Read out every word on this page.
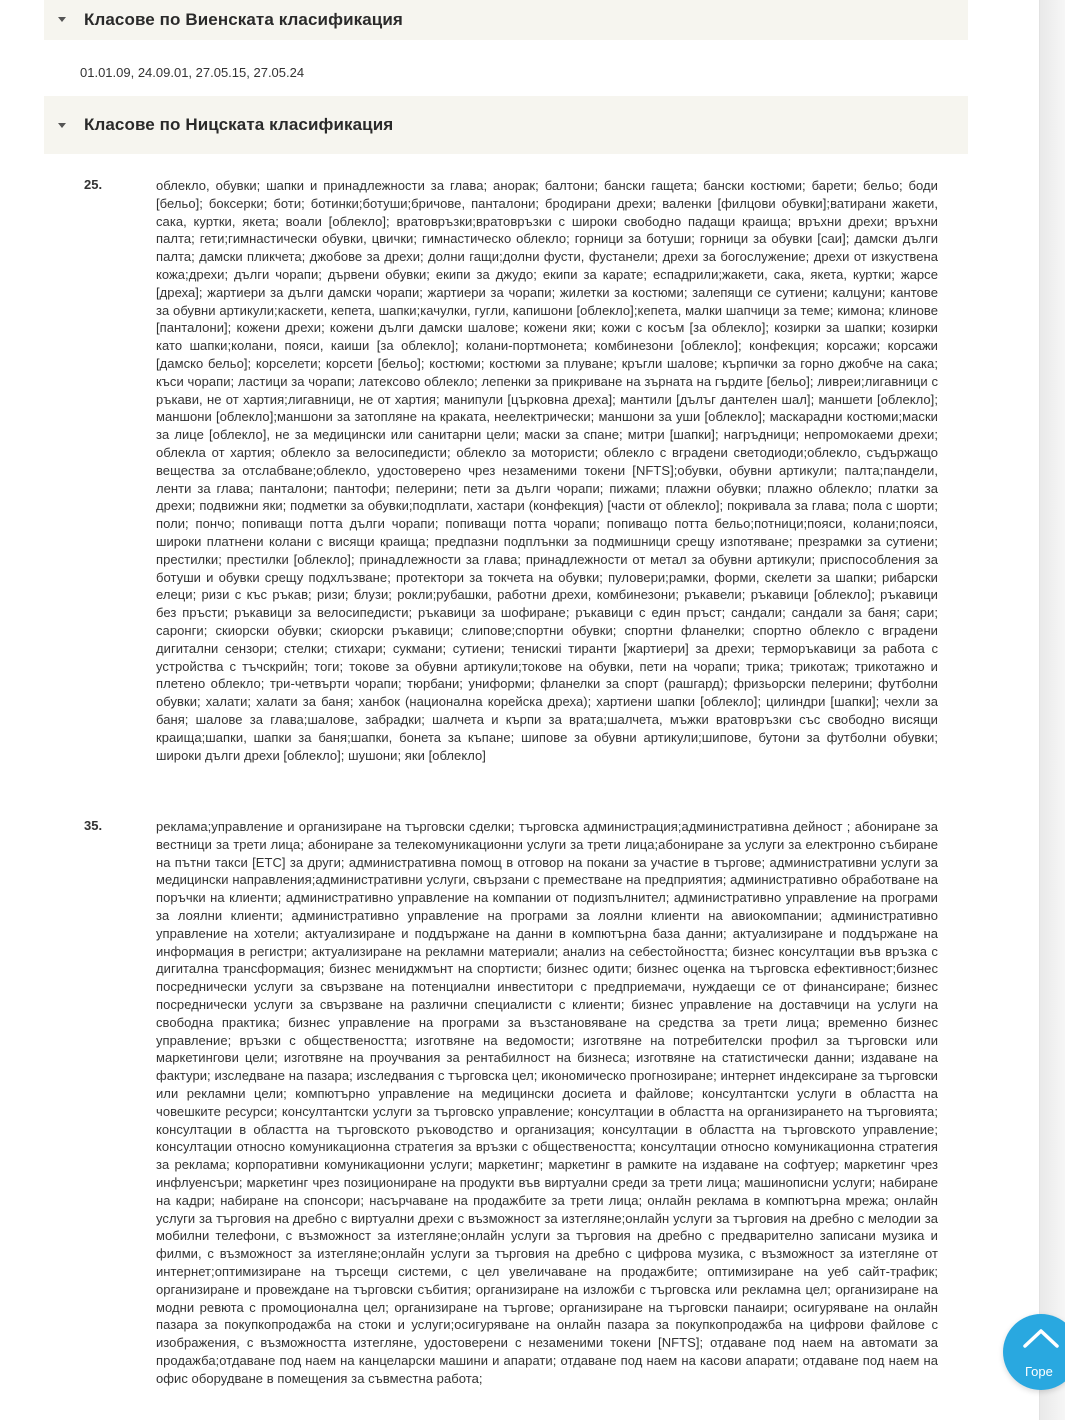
Класове по Виенската класификация
01.01.09, 24.09.01, 27.05.15, 27.05.24
Класове по Ницската класификация
25.	облекло, обувки; шапки и принадлежности за глава; анорак; балтони; бански гащета; бански костюми; барети; бельо; боди [бельо]; боксерки; боти; ботинки;ботуши;бричове, панталони; бродирани дрехи; валенки [филцови обувки];ватирани жакети, сака, куртки, якета; воали [облекло]; вратовръзки;вратовръзки с широки свободно падащи краища; връхни дрехи; връхни палта; гети;гимнастически обувки, цвички; гимнастическо облекло; горници за ботуши; горници за обувки [саи]; дамски дълги палта; дамски пликчета; джобове за дрехи; долни гащи;долни фусти, фустанели; дрехи за богослужение; дрехи от изкуствена кожа;дрехи; дълги чорапи; дървени обувки; екипи за джудо; екипи за карате; еспадрили;жакети, сака, якета, куртки; жарсе [дреха]; жартиери за дълги дамски чорапи; жартиери за чорапи; жилетки за костюми; залепящи се сутиени; калцуни; кантове за обувни артикули;каскети, кепета, шапки;качулки, гугли, капишони [облекло];кепета, малки шапчици за теме; кимона; клинове [панталони]; кожени дрехи; кожени дълги дамски шалове; кожени яки; кожи с косъм [за облекло]; козирки за шапки; козирки като шапки;колани, пояси, каиши [за облекло]; колани-портмонета; комбинезони [облекло]; конфекция; корсажи; корсажи [дамско бельо]; корселети; корсети [бельо]; костюми; костюми за плуване; кръгли шалове; кърпички за горно джобче на сака; къси чорапи; ластици за чорапи; латексово облекло; лепенки за прикриване на зърната на гърдите [бельо]; ливреи;лигавници с ръкави, не от хартия;лигавници, не от хартия; манипули [църковна дреха]; мантили [дълъг дантелен шал]; маншети [облекло]; маншони [облекло];маншони за затопляне на краката, неелектрически; маншони за уши [облекло]; маскарадни костюми;маски за лице [облекло], не за медицински или санитарни цели; маски за спане; митри [шапки]; нагръдници; непромокаеми дрехи; облекла от хартия; облекло за велосипедисти; облекло за мотористи; облекло с вградени светодиоди;облекло, съдържащо вещества за отслабване;облекло, удостоверено чрез незаменими токени [NFTS];обувки, обувни артикули; палта;пандели, ленти за глава; панталони; пантофи; пелерини; пети за дълги чорапи; пижами; плажни обувки; плажно облекло; платки за дрехи; подвижни яки; подметки за обувки;подплати, хастари (конфекция) [части от облекло]; покривала за глава; пола с шорти; поли; пончо; попиващи потта дълги чорапи; попиващи потта чорапи; попиващо потта бельо;потници;пояси, колани;пояси, широки платнени колани с висящи краища; предпазни подплънки за подмишници срещу изпотяване; презрамки за сутиени; престилки; престилки [облекло]; принадлежности за глава; принадлежности от метал за обувни артикули; приспособления за ботуши и обувки срещу подхлъзване; протектори за токчета на обувки; пуловери;рамки, форми, скелети за шапки; рибарски елеци; ризи с къс ръкав; ризи; блузи; рокли;рубашки, работни дрехи, комбинезони; ръкавели; ръкавици [облекло]; ръкавици без пръсти; ръкавици за велосипедисти; ръкавици за шофиране; ръкавици с един пръст; сандали; сандали за баня; сари; саронги; скиорски обувки; скиорски ръкавици; слипове;спортни обувки; спортни фланелки; спортно облекло с вградени дигитални сензори; стелки; стихари; сукмани; сутиени; тенискиi тиранти [жартиери] за дрехи; терморъкавици за работа с устройства с тъчскрийн; тоги; токове за обувни артикули;токове на обувки, пети на чорапи; трика; трикотаж; трикотажно и плетено облекло; три-четвърти чорапи; тюрбани; униформи; фланелки за спорт (рашгард); фризьорски пелерини; футболни обувки; халати; халати за баня; ханбок (национална корейска дреха); хартиени шапки [облекло]; цилиндри [шапки]; чехли за баня; шалове за глава;шалове, забрадки; шалчета и кърпи за врата;шалчета, мъжки вратовръзки със свободно висящи краища;шапки, шапки за баня;шапки, бонета за къпане; шипове за обувни артикули;шипове, бутони за футболни обувки; широки дълги дрехи [облекло]; шушони; яки [облекло]
35.	реклама;управление и организиране на търговски сделки; търговска администрация;административна дейност ; абониране за вестници за трети лица; абониране за телекомуникационни услуги за трети лица;абониране за услуги за електронно събиране на пътни такси [ETC] за други; административна помощ в отговор на покани за участие в търгове; административни услуги за медицински направления;административни услуги, свързани с преместване на предприятия; административно обработване на поръчки на клиенти; административно управление на компании от подизпълнител; административно управление на програми за лоялни клиенти; административно управление на програми за лоялни клиенти на авиокомпании; административно управление на хотели; актуализиране и поддържане на данни в компютърна база данни; актуализиране и поддържане на информация в регистри; актуализиране на рекламни материали; анализ на себестойността; бизнес консултации във връзка с дигитална трансформация; бизнес мениджмънт на спортисти; бизнес одити; бизнес оценка на търговска ефективност;бизнес посреднически услуги за свързване на потенциални инвеститори с предприемачи, нуждаещи се от финансиране; бизнес посреднически услуги за свързване на различни специалисти с клиенти; бизнес управление на доставчици на услуги на свободна практика; бизнес управление на програми за възстановяване на средства за трети лица; временно бизнес управление; връзки с обществеността; изготвяне на ведомости; изготвяне на потребителски профил за търговски или маркетингови цели; изготвяне на проучвания за рентабилност на бизнеса; изготвяне на статистически данни; издаване на фактури; изследване на пазара; изследвания с търговска цел; икономическо прогнозиране; интернет индексиране за търговски или рекламни цели; компютърно управление на медицински досиета и файлове; консултантски услуги в областта на човешките ресурси; консултантски услуги за търговско управление; консултации в областта на организирането на търговията; консултации в областта на търговското ръководство и организация; консултации в областта на търговското управление; консултации относно комуникационна стратегия за връзки с обществеността; консултации относно комуникационна стратегия за реклама; корпоративни комуникационни услуги; маркетинг; маркетинг в рамките на издаване на софтуер; маркетинг чрез инфлуенсъри; маркетинг чрез позициониране на продукти във виртуални среди за трети лица; машинописни услуги; набиране на кадри; набиране на спонсори; насърчаване на продажбите за трети лица; онлайн реклама в компютърна мрежа; онлайн услуги за търговия на дребно с виртуални дрехи с възможност за изтегляне;онлайн услуги за търговия на дребно с мелодии за мобилни телефони, с възможност за изтегляне;онлайн услуги за търговия на дребно с предварително записани музика и филми, с възможност за изтегляне;онлайн услуги за търговия на дребно с цифрова музика, с възможност за изтегляне от интернет;оптимизиране на търсещи системи, с цел увеличаване на продажбите; оптимизиране на уеб сайт-трафик; организиране и провеждане на търговски събития; организиране на изложби с търговска или рекламна цел; организиране на модни ревюта с промоционална цел; организиране на търгове; организиране на търговски панаири; осигуряване на онлайн пазара за покупкопродажба на стоки и услуги;осигуряване на онлайн пазара за покупкопродажба на цифрови файлове с изображения, с възможността изтегляне, удостоверени с незаменими токени [NFTS]; отдаване под наем на автомати за продажба;отдаване под наем на канцеларски машини и апарати; отдаване под наем на касови апарати; отдаване под наем на офис оборудване в помещения за съвместна работа;	Горе
